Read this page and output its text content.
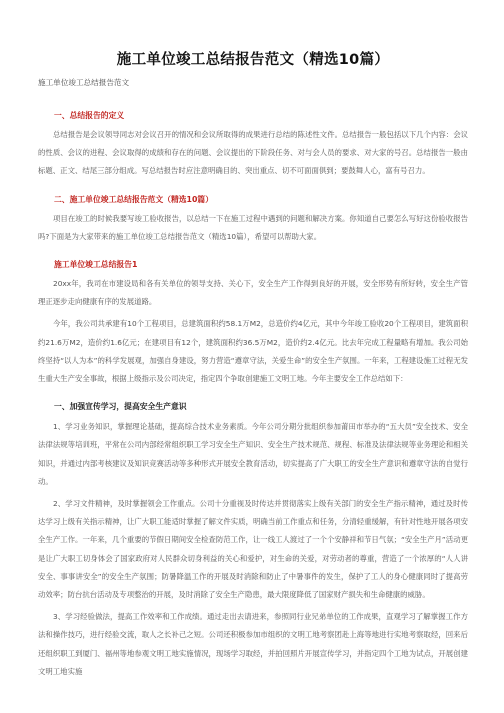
施工单位竣工总结报告范文（精选10篇）
施工单位竣工总结报告范文
一、总结报告的定义

总结报告是会议领导同志对会议召开的情况和会议所取得的成果进行总结的陈述性文件。总结报告一般包括以下几个内容：会议的性质、会议的进程、会议取得的成绩和存在的问题、会议提出的下阶段任务、对与会人员的要求、对大家的号召。总结报告一般由标题、正文、结尾三部分组成。写总结报告时应注意明确目的、突出重点、切不可面面俱到；要鼓舞人心，富有号召力。

二、施工单位竣工总结报告范文（精选10篇）

项目在竣工的时候我要写竣工验收报告，以总结一下在施工过程中遇到的问题和解决方案。你知道自己要怎么写好这份验收报告吗?下面是为大家带来的施工单位竣工总结报告范文（精选10篇），希望可以帮助大家。

施工单位竣工总结报告1

20xx年，我司在市建设局和各有关单位的领导支持、关心下，安全生产工作得到良好的开展，安全形势有所好转，安全生产管理正逐步走向健康有序的发展道路。

今年，我公司共承建有10个工程项目，总建筑面积约58.1万M2，总造价约4亿元，其中今年竣工验收20个工程项目，建筑面积约21.6万M2，造价约1.6亿元；在建项目有12个，建筑面积约36.5万M2，造价约2.4亿元。比去年完成工程量略有增加。我公司始终坚持“以人为本”的科学发展观，加强自身建设，努力营造“遵章守法，关爱生命”的安全生产氛围。一年来，工程建设施工过程无发生重大生产安全事故，根据上级指示及公司决定，指定四个争取创建施工文明工地。今年主要安全工作总结如下：

一、加强宣传学习，提高安全生产意识

1、学习业务知识，掌握理论基础，提高综合技术业务素质。今年公司分期分批组织参加莆田市举办的“五大员”安全技术、安全法律法规等培训班，平常在公司内部经常组织职工学习安全生产知识、安全生产技术规范、规程、标准及法律法规等业务理论和相关知识，并通过内部考核建议及知识竞赛活动等多种形式开展安全教育活动，切实提高了广大职工的安全生产意识和遵章守法的自觉行动。

2、学习文件精神，及时掌握领会工作重点。公司十分重视及时传达并贯彻落实上级有关部门的安全生产指示精神，通过及时传达学习上级有关指示精神，让广大职工能适时掌握了解文件实质，明确当前工作重点和任务，分清轻重缓解，有针对性地开展各项安全生产工作。一年来，几个重要的节假日期间安全检查防范工作，让一线工人渡过了一个个安静祥和节日气氛；“安全生产月”活动更是让广大职工切身体会了国家政府对人民群众切身利益的关心和爱护，对生命的关爱，对劳动者的尊重，营造了一个浓厚的“人人讲安全、事事讲安全”的安全生产氛围；防暑降温工作的开展及时消除和防止了中暑事件的发生，保护了工人的身心健康同时了提高劳动效率；防台抗台活动及专项整治的开展，及时消除了安全生产隐患，最大限度降低了国家财产损失和生命健康的威胁。

3、学习经验做法，提高工作效率和工作成绩。通过走出去请进来，参照同行业兄弟单位的工作成果，直观学习了解掌握工作方法和操作技巧，进行经验交流，取人之长补己之短。公司还积极参加市组织的文明工地考察团赴上海等地进行实地考察取经，回来后还组织职工到厦门、福州等地参观文明工地实施情况，现场学习取经，并拍回照片开展宣传学习，并指定四个工地为试点，开展创建文明工地实施
